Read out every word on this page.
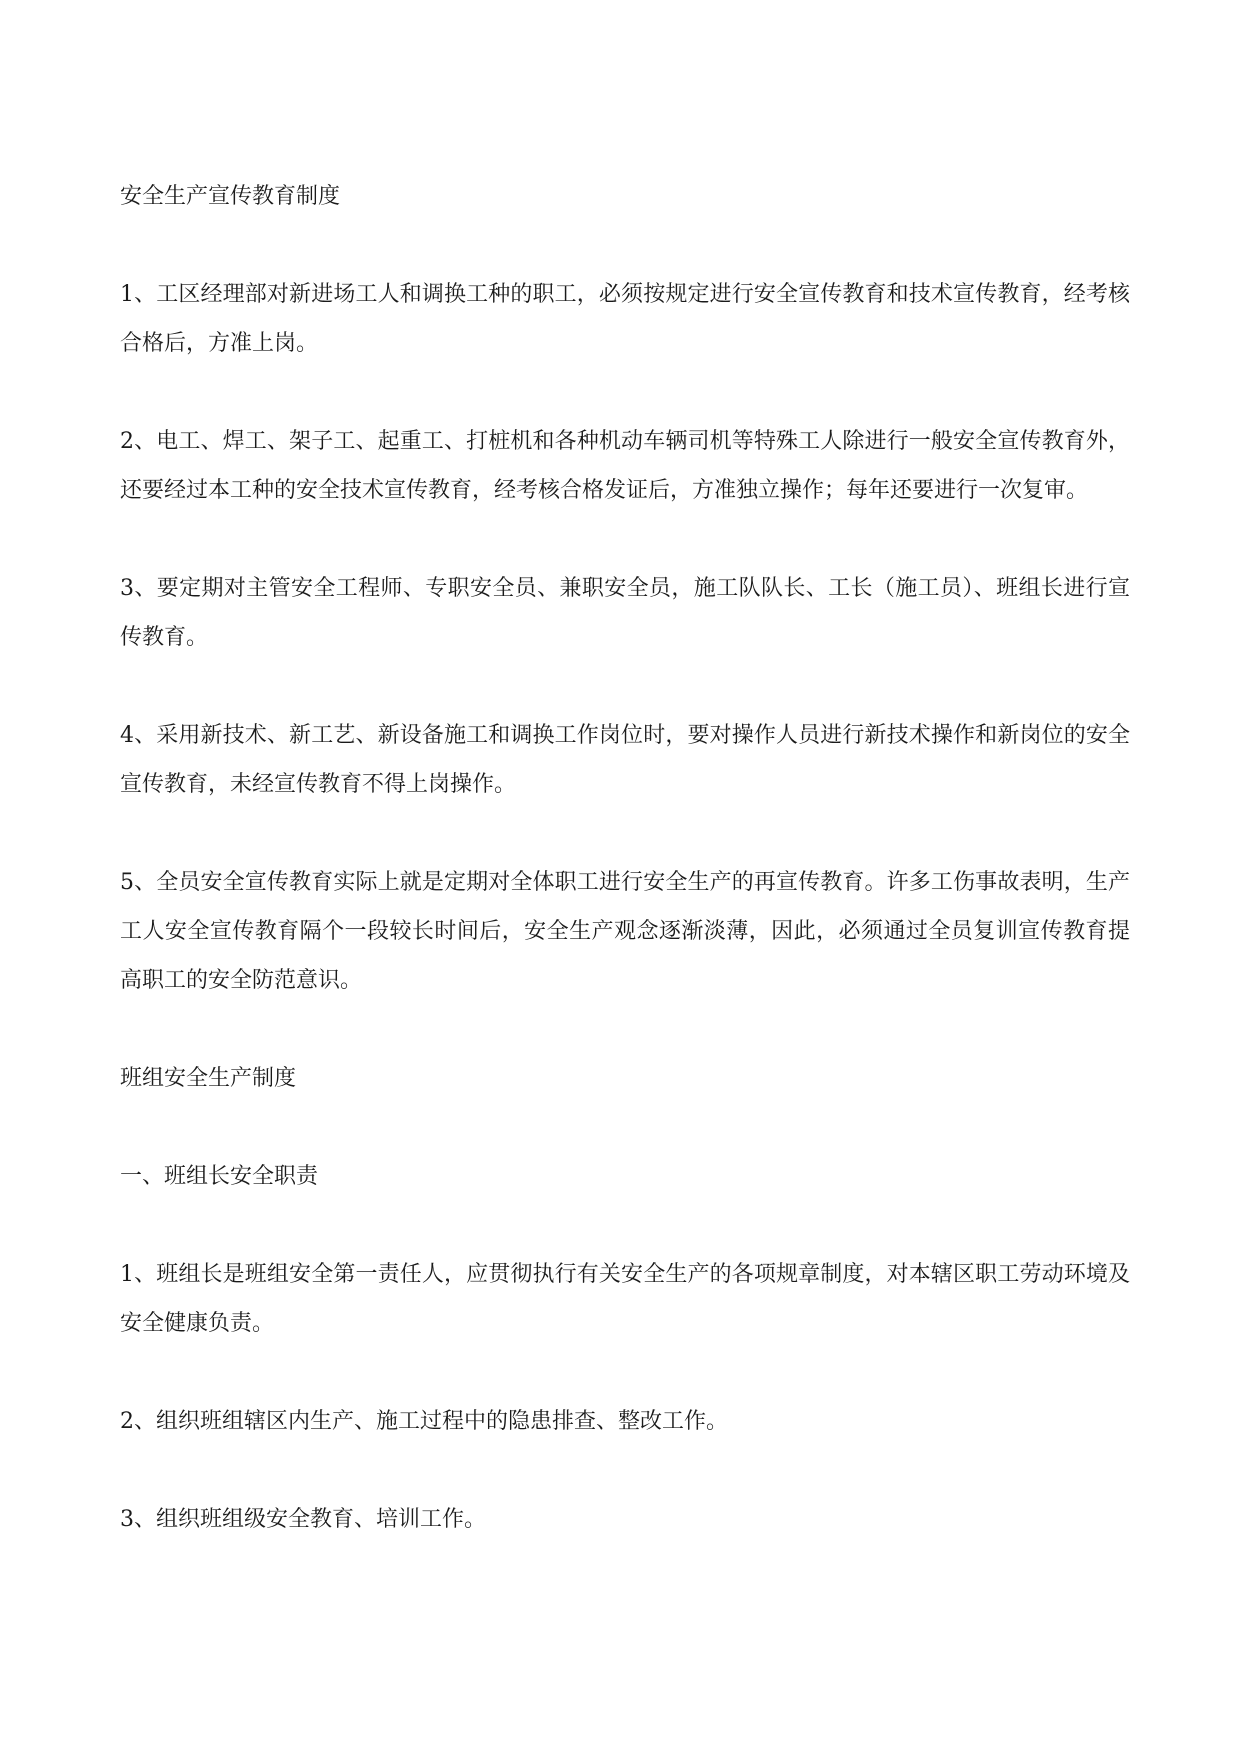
安全生产宣传教育制度

1、工区经理部对新进场工人和调换工种的职工，必须按规定进行安全宣传教育和技术宣传教育，经考核合格后，方准上岗。

2、电工、焊工、架子工、起重工、打桩机和各种机动车辆司机等特殊工人除进行一般安全宣传教育外，还要经过本工种的安全技术宣传教育，经考核合格发证后，方准独立操作；每年还要进行一次复审。

3、要定期对主管安全工程师、专职安全员、兼职安全员，施工队队长、工长（施工员）、班组长进行宣传教育。

4、采用新技术、新工艺、新设备施工和调换工作岗位时，要对操作人员进行新技术操作和新岗位的安全宣传教育，未经宣传教育不得上岗操作。

5、全员安全宣传教育实际上就是定期对全体职工进行安全生产的再宣传教育。许多工伤事故表明，生产工人安全宣传教育隔个一段较长时间后，安全生产观念逐渐淡薄，因此，必须通过全员复训宣传教育提高职工的安全防范意识。

班组安全生产制度

一、班组长安全职责

1、班组长是班组安全第一责任人，应贯彻执行有关安全生产的各项规章制度，对本辖区职工劳动环境及安全健康负责。

2、组织班组辖区内生产、施工过程中的隐患排查、整改工作。

3、组织班组级安全教育、培训工作。
